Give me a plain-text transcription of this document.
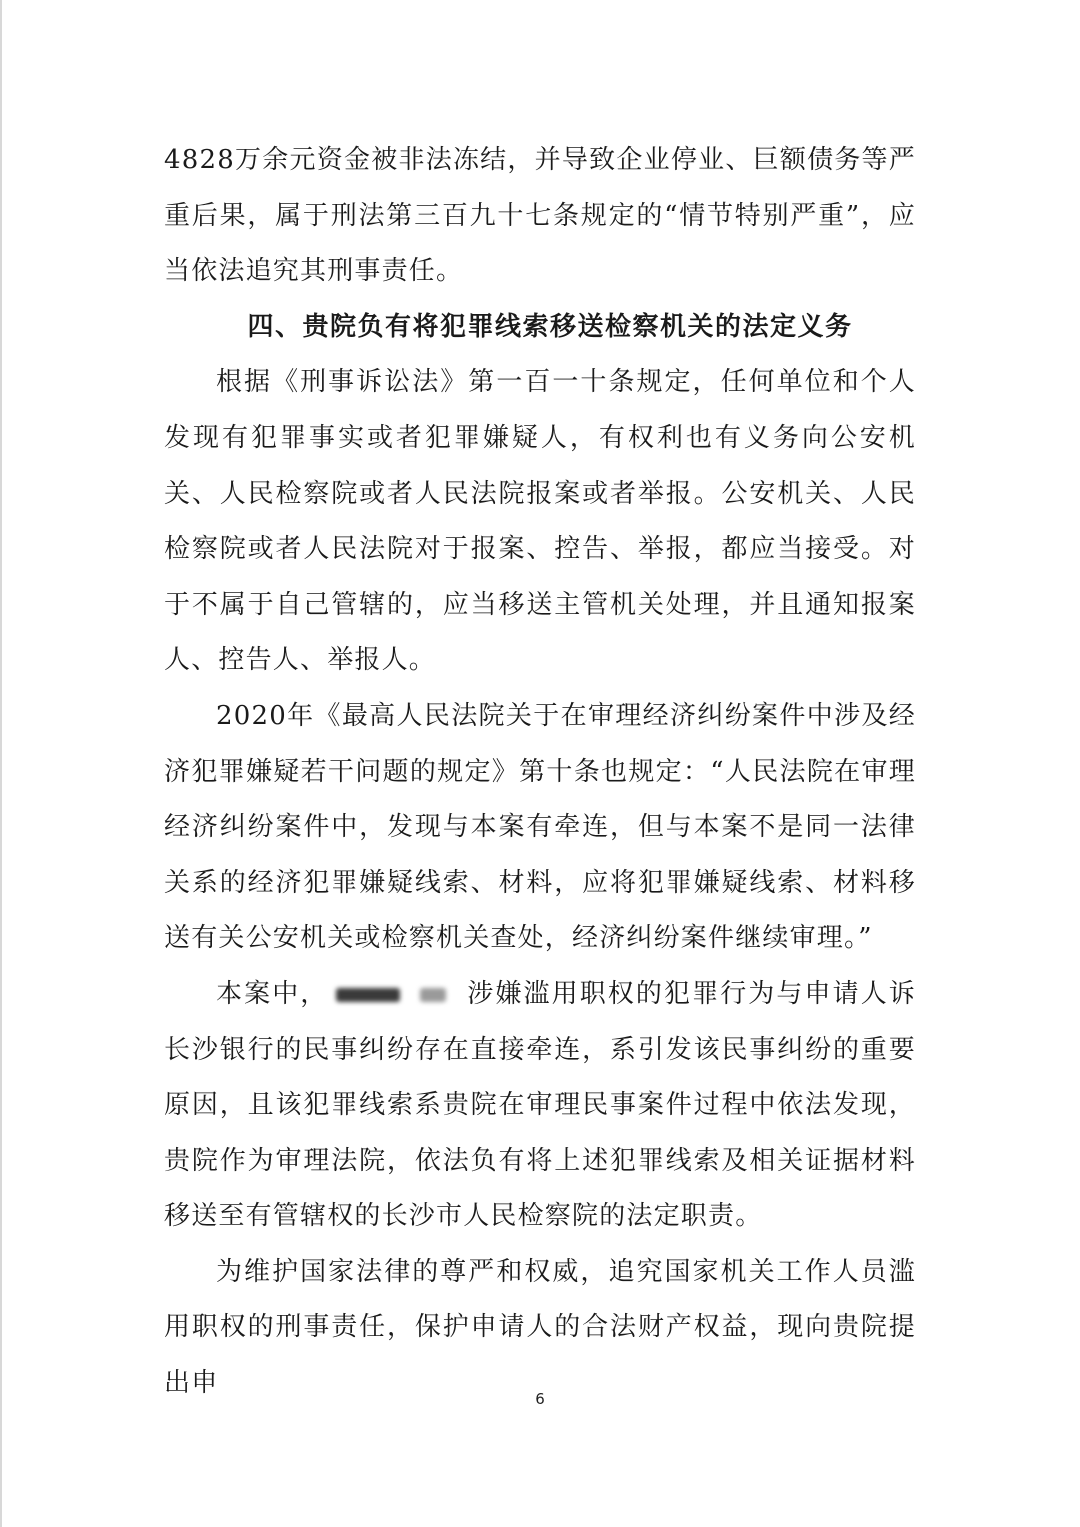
4828万余元资金被非法冻结，并导致企业停业、巨额债务等严重后果，属于刑法第三百九十七条规定的“情节特别严重”，应当依法追究其刑事责任。

四、贵院负有将犯罪线索移送检察机关的法定义务

根据《刑事诉讼法》第一百一十条规定，任何单位和个人发现有犯罪事实或者犯罪嫌疑人，有权利也有义务向公安机关、人民检察院或者人民法院报案或者举报。公安机关、人民检察院或者人民法院对于报案、控告、举报，都应当接受。对于不属于自己管辖的，应当移送主管机关处理，并且通知报案人、控告人、举报人。

2020年《最高人民法院关于在审理经济纠纷案件中涉及经济犯罪嫌疑若干问题的规定》第十条也规定：“人民法院在审理经济纠纷案件中，发现与本案有牵连，但与本案不是同一法律关系的经济犯罪嫌疑线索、材料，应将犯罪嫌疑线索、材料移送有关公安机关或检察机关查处，经济纠纷案件继续审理。”

本案中，	涉嫌滥用职权的犯罪行为与申请人诉长沙银行的民事纠纷存在直接牵连，系引发该民事纠纷的重要原因，且该犯罪线索系贵院在审理民事案件过程中依法发现，贵院作为审理法院，依法负有将上述犯罪线索及相关证据材料移送至有管辖权的长沙市人民检察院的法定职责。

为维护国家法律的尊严和权威，追究国家机关工作人员滥用职权的刑事责任，保护申请人的合法财产权益，现向贵院提出申

6
